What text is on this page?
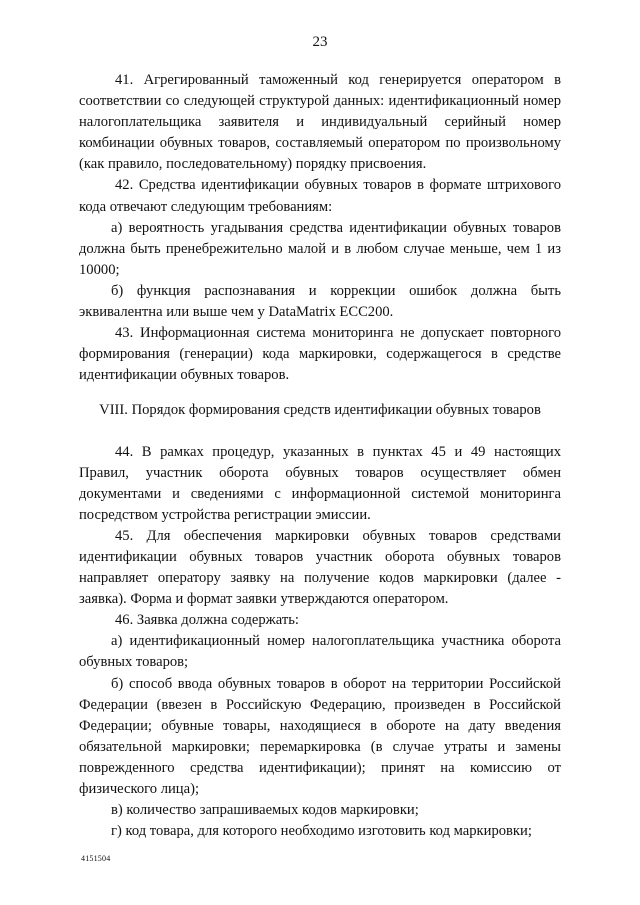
23

41. Агрегированный таможенный код генерируется оператором в соответствии со следующей структурой данных: идентификационный номер налогоплательщика заявителя и индивидуальный серийный номер комбинации обувных товаров, составляемый оператором по произвольному (как правило, последовательному) порядку присвоения.

42. Средства идентификации обувных товаров в формате штрихового кода отвечают следующим требованиям:

а) вероятность угадывания средства идентификации обувных товаров должна быть пренебрежительно малой и в любом случае меньше, чем 1 из 10000;

б) функция распознавания и коррекции ошибок должна быть эквивалентна или выше чем у DataMatrix ECC200.

43. Информационная система мониторинга не допускает повторного формирования (генерации) кода маркировки, содержащегося в средстве идентификации обувных товаров.

VIII. Порядок формирования средств идентификации обувных товаров

44. В рамках процедур, указанных в пунктах 45 и 49 настоящих Правил, участник оборота обувных товаров осуществляет обмен документами и сведениями с информационной системой мониторинга посредством устройства регистрации эмиссии.

45. Для обеспечения маркировки обувных товаров средствами идентификации обувных товаров участник оборота обувных товаров направляет оператору заявку на получение кодов маркировки (далее - заявка). Форма и формат заявки утверждаются оператором.

46. Заявка должна содержать:

а) идентификационный номер налогоплательщика участника оборота обувных товаров;

б) способ ввода обувных товаров в оборот на территории Российской Федерации (ввезен в Российскую Федерацию, произведен в Российской Федерации; обувные товары, находящиеся в обороте на дату введения обязательной маркировки; перемаркировка (в случае утраты и замены поврежденного средства идентификации); принят на комиссию от физического лица);

в) количество запрашиваемых кодов маркировки;

г) код товара, для которого необходимо изготовить код маркировки;

4151504
